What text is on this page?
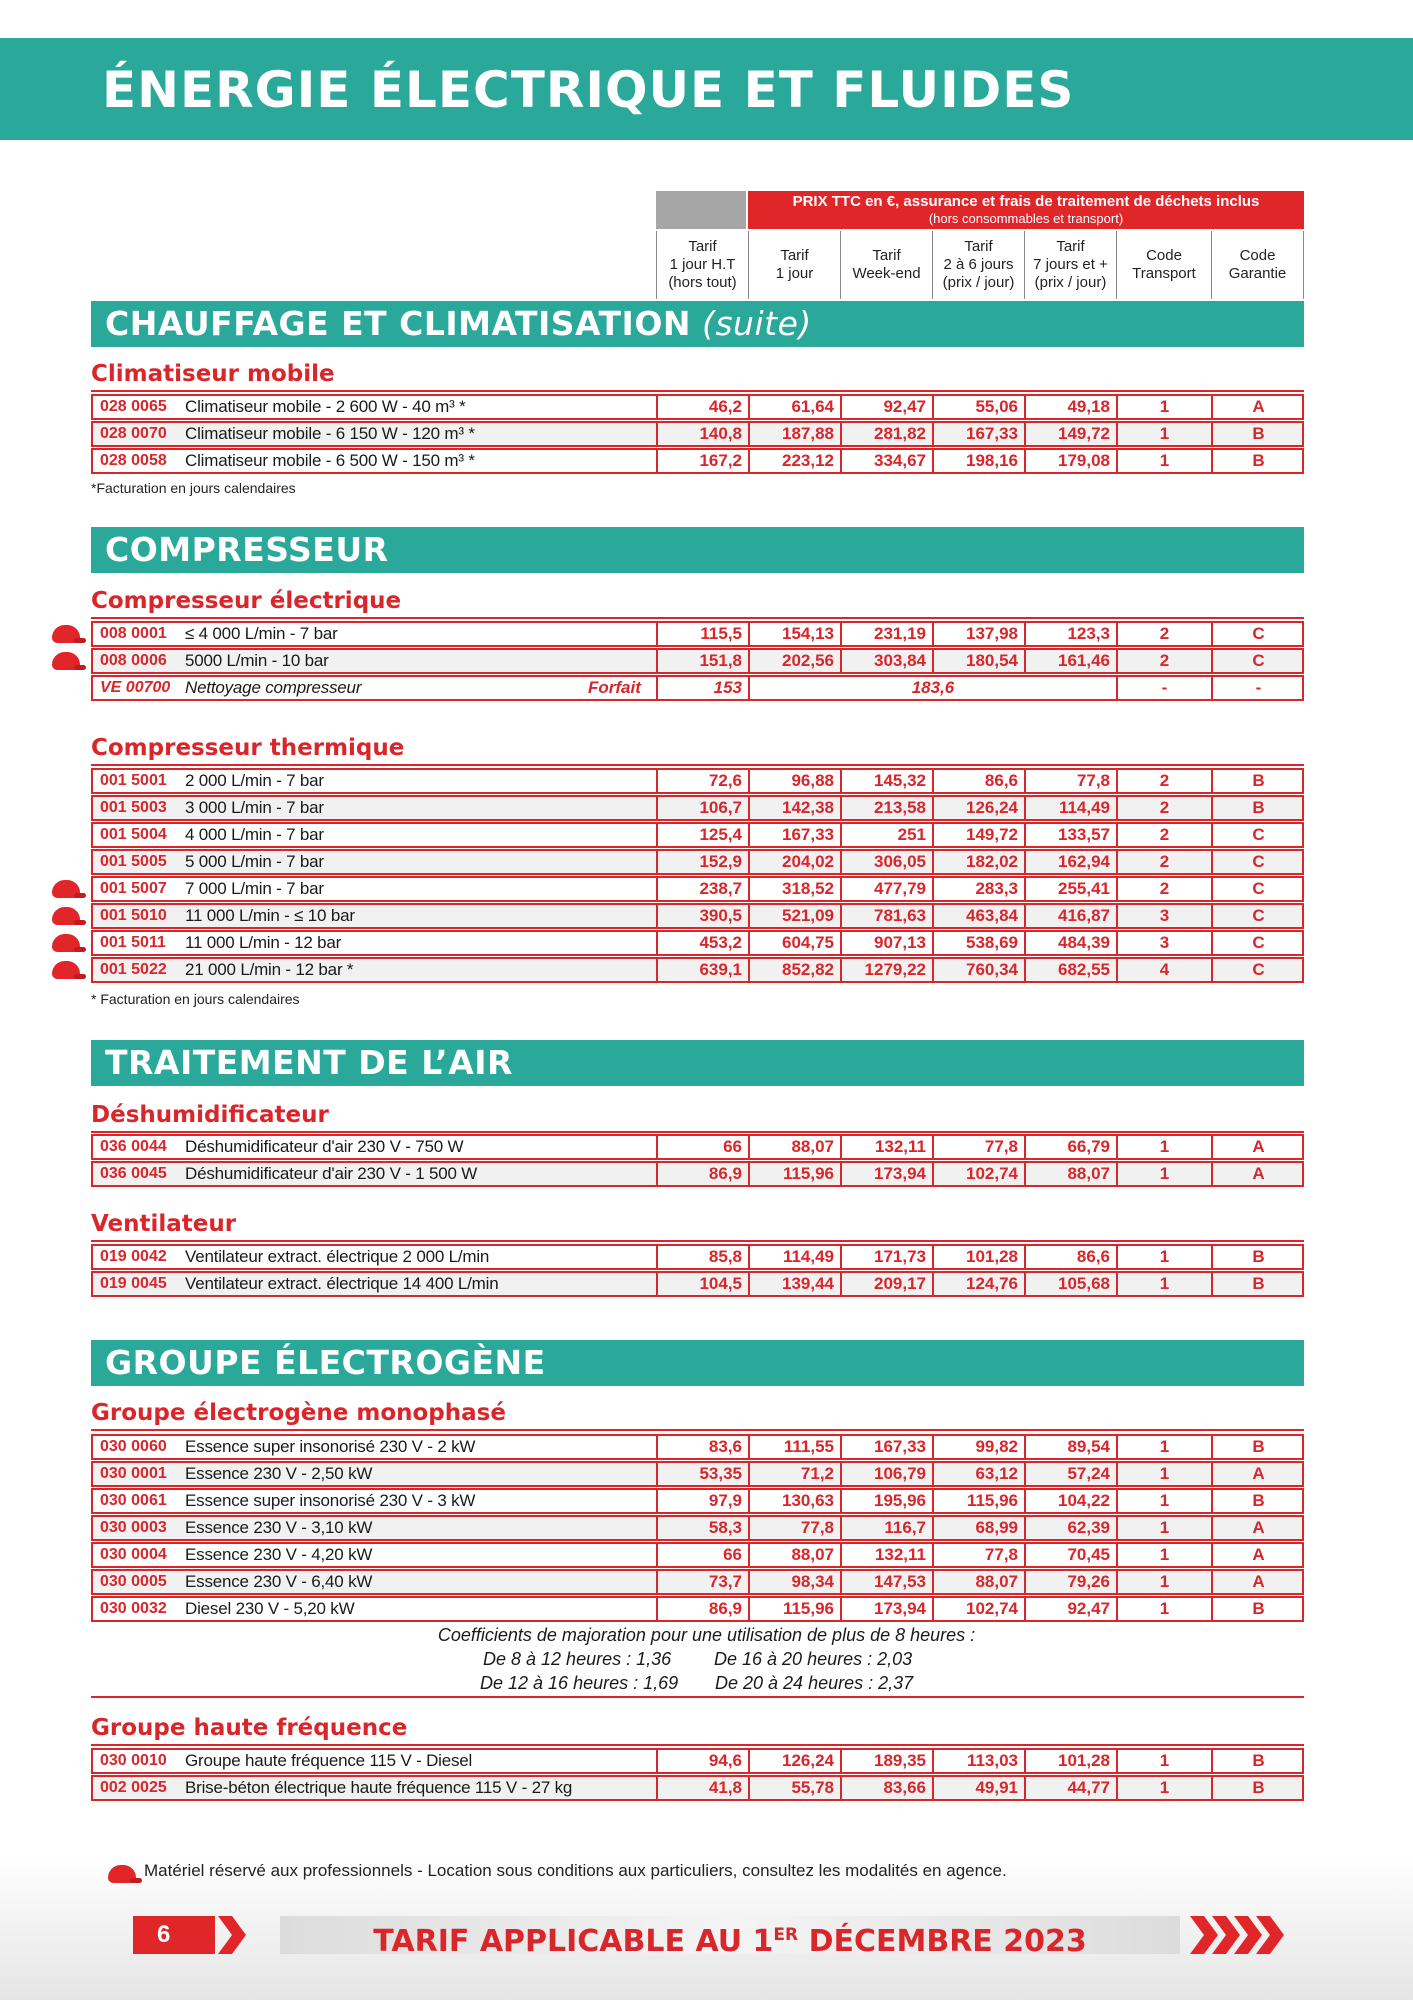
ÉNERGIE ÉLECTRIQUE ET FLUIDES
PRIX TTC en €, assurance et frais de traitement de déchets inclus
(hors consommables et transport)
Tarif
1 jour H.T
(hors tout)
Tarif
1 jour
Tarif
Week-end
Tarif
2 à 6 jours
(prix / jour)
Tarif
7 jours et +
(prix / jour)
Code
Transport
Code
Garantie
CHAUFFAGE ET CLIMATISATION (suite)
Climatiseur mobile
028 0065 Climatiseur mobile - 2 600 W - 40 m³ *	46,2	61,64	92,47	55,06	49,18	1	A
028 0070 Climatiseur mobile - 6 150 W - 120 m³ *	140,8	187,88	281,82	167,33	149,72	1	B
028 0058 Climatiseur mobile - 6 500 W - 150 m³ *	167,2	223,12	334,67	198,16	179,08	1	B
*Facturation en jours calendaires
COMPRESSEUR
Compresseur électrique
008 0001 ≤ 4 000 L/min - 7 bar	115,5	154,13	231,19	137,98	123,3	2	C
008 0006 5000 L/min - 10 bar	151,8	202,56	303,84	180,54	161,46	2	C
VE 00700 Nettoyage compresseur	Forfait	153	183,6	-	-
Compresseur thermique
001 5001 2 000 L/min - 7 bar	72,6	96,88	145,32	86,6	77,8	2	B
001 5003 3 000 L/min - 7 bar	106,7	142,38	213,58	126,24	114,49	2	B
001 5004 4 000 L/min - 7 bar	125,4	167,33	251	149,72	133,57	2	C
001 5005 5 000 L/min - 7 bar	152,9	204,02	306,05	182,02	162,94	2	C
001 5007 7 000 L/min - 7 bar	238,7	318,52	477,79	283,3	255,41	2	C
001 5010 11 000 L/min - ≤ 10 bar	390,5	521,09	781,63	463,84	416,87	3	C
001 5011 11 000 L/min - 12 bar	453,2	604,75	907,13	538,69	484,39	3	C
001 5022 21 000 L/min - 12 bar *	639,1	852,82	1279,22	760,34	682,55	4	C
* Facturation en jours calendaires
TRAITEMENT DE L’AIR
Déshumidificateur
036 0044 Déshumidificateur d'air 230 V - 750 W	66	88,07	132,11	77,8	66,79	1	A
036 0045 Déshumidificateur d'air 230 V - 1 500 W	86,9	115,96	173,94	102,74	88,07	1	A
Ventilateur
019 0042 Ventilateur extract. électrique 2 000 L/min	85,8	114,49	171,73	101,28	86,6	1	B
019 0045 Ventilateur extract. électrique 14 400 L/min	104,5	139,44	209,17	124,76	105,68	1	B
GROUPE ÉLECTROGÈNE
Groupe électrogène monophasé
030 0060 Essence super insonorisé 230 V - 2 kW	83,6	111,55	167,33	99,82	89,54	1	B
030 0001 Essence 230 V - 2,50 kW	53,35	71,2	106,79	63,12	57,24	1	A
030 0061 Essence super insonorisé 230 V - 3 kW	97,9	130,63	195,96	115,96	104,22	1	B
030 0003 Essence 230 V - 3,10 kW	58,3	77,8	116,7	68,99	62,39	1	A
030 0004 Essence 230 V - 4,20 kW	66	88,07	132,11	77,8	70,45	1	A
030 0005 Essence 230 V - 6,40 kW	73,7	98,34	147,53	88,07	79,26	1	A
030 0032 Diesel 230 V - 5,20 kW	86,9	115,96	173,94	102,74	92,47	1	B
Coefficients de majoration pour une utilisation de plus de 8 heures :
De 8 à 12 heures : 1,36 De 16 à 20 heures : 2,03
De 12 à 16 heures : 1,69 De 20 à 24 heures : 2,37
Groupe haute fréquence
030 0010 Groupe haute fréquence 115 V - Diesel	94,6	126,24	189,35	113,03	101,28	1	B
002 0025 Brise-béton électrique haute fréquence 115 V - 27 kg	41,8	55,78	83,66	49,91	44,77	1	B
Matériel réservé aux professionnels - Location sous conditions aux particuliers, consultez les modalités en agence.
6	TARIF APPLICABLE AU 1ER DÉCEMBRE 2023
